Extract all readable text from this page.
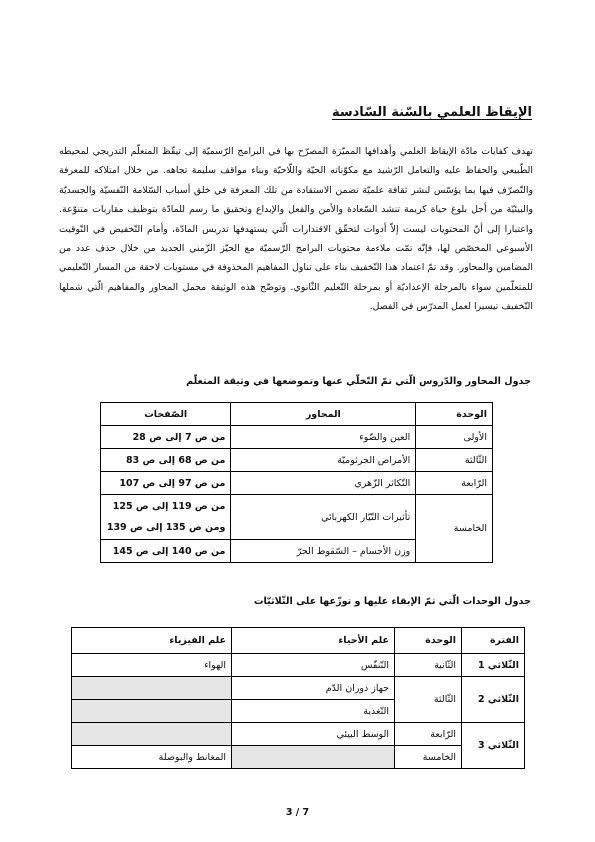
الإيقاظ العلمي بالسّنة السّادسة

تهدف كفايات مادّة الإيقاظ العلمي وأهدافها المميّزة المصرّح بها في البرامج الرّسميّة إلى تيقّظ المتعلّم التدريجي لمحيطه الطّبيعي والحفاظ عليه والتعامل الرّشيد مع مكوّناته الحيّة واللّاحيّة وبناء مواقف سليمة تجاهه. من خلال امتلاكه للمعرفة والتّصرّف فيها بما يؤسّس لنشر ثقافة علميّة تضمن الاستفادة من تلك المعرفة في خلق أسباب السّلامة النّفسيّة والجسديّة والبيئيّة من أجل بلوغ حياة كريمة تنشد السّعادة والأمن والفعل والإبداع وتحقيق ما رسم للمادّة بتوظيف مقاربات متنوّعة. واعتبارا إلى أنّ المحتويات ليست إلاّ أدوات لتحقّق الاقتدارات الّتي يستهدفها تدريس المادّة، وأمام التّخفيض في التّوقيت الأسبوعي المخصّص لها، فإنّه تمّت ملاءمة محتويات البرامج الرّسميّة مع الحيّز الزّمني الجديد من خلال حذف عدد من المضامين والمحاور. وقد تمّ اعتماد هذا التّخفيف بناء على تناول المفاهيم المحذوفة في مستويات لاحقة من المسار التّعليمي للمتعلّمين سواء بالمرحلة الإعداديّة أو بمرحلة التّعليم الثّانوي. وتوضّح هذه الوثيقة مجمل المحاور والمفاهيم الّتي شملها التّخفيف تيسيرا لعمل المدرّس في الفصل.

جدول المحاور والدّروس الّتي تمّ التّخلّي عنها وتموضعها في وثيقة المتعلّم

الوحدة	المحاور	الصّفحات
الأولى	العين والضّوء	من ص 7 إلى ص 28
الثّالثة	الأمراض الجرثوميّة	من ص 68 إلى ص 83
الرّابعة	التّكاثر الزّهري	من ص 97 إلى ص 107
الخامسة	تأثيرات التّيّار الكهربائي	من ص 119 إلى ص 125
ومن ص 135 إلى ص 139

	وزن الأجسام – السّقوط الحرّ	من ص 140 إلى ص 145

جدول الوحدات الّتي تمّ الإبقاء عليها و توزّعها على الثّلاثيّات

الفترة	الوحدة	علم الأحياء	علم الفيزياء
الثّلاثي 1	الثّانية	التّنفّس	الهواء
الثّلاثي 2	الثّالثة	جهاز دوران الدّم	
		التّغذية	
الثّلاثي 3	الرّابعة	الوسط البيئي	
	الخامسة		المغانط والبوصلة
3 / 7
